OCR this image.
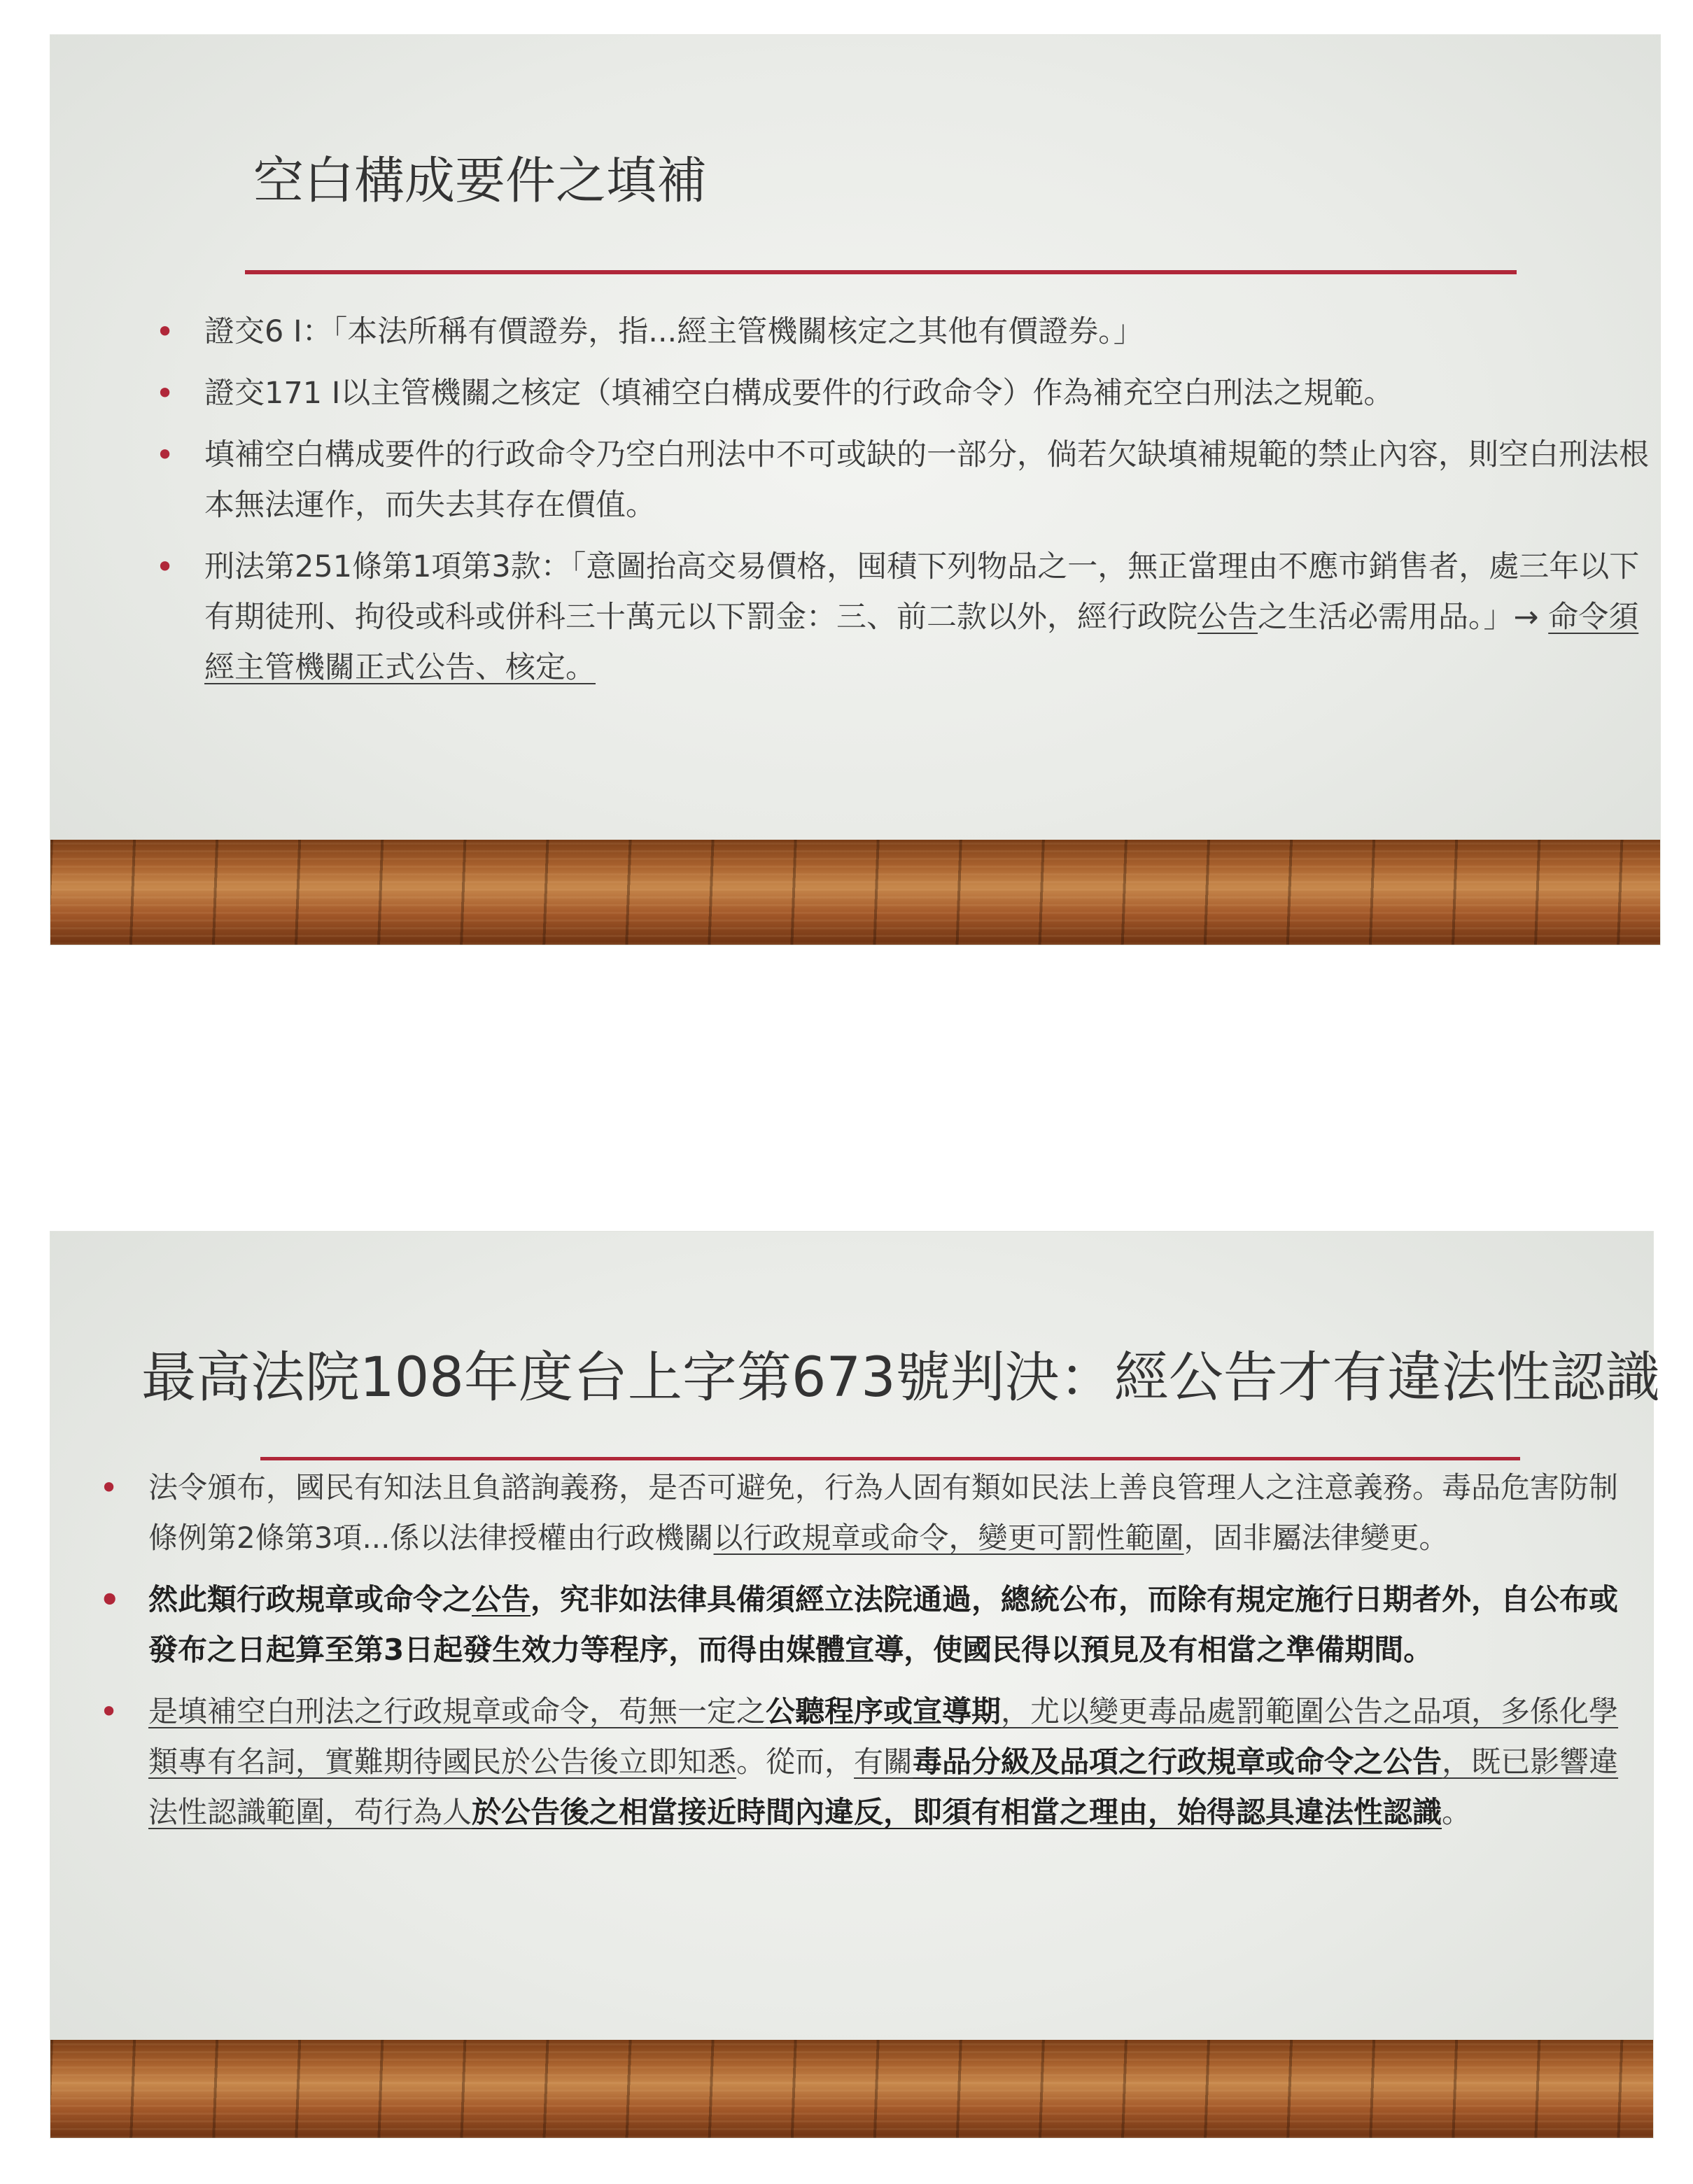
空白構成要件之填補
• 證交6 I：「本法所稱有價證券，指...經主管機關核定之其他有價證券。」
• 證交171 I以主管機關之核定（填補空白構成要件的行政命令）作為補充空白刑法之規範。
• 填補空白構成要件的行政命令乃空白刑法中不可或缺的一部分，倘若欠缺填補規範的禁止內容，則空白刑法根本無法運作，而失去其存在價值。
• 刑法第251條第1項第3款：「意圖抬高交易價格，囤積下列物品之一，無正當理由不應市銷售者，處三年以下有期徒刑、拘役或科或併科三十萬元以下罰金：三、前二款以外，經行政院公告之生活必需用品。」→ 命令須經主管機關正式公告、核定。
最高法院108年度台上字第673號判決：經公告才有違法性認識
• 法令頒布，國民有知法且負諮詢義務，是否可避免，行為人固有類如民法上善良管理人之注意義務。毒品危害防制條例第2條第3項...係以法律授權由行政機關以行政規章或命令，變更可罰性範圍，固非屬法律變更。
• 然此類行政規章或命令之公告，究非如法律具備須經立法院通過，總統公布，而除有規定施行日期者外，自公布或發布之日起算至第3日起發生效力等程序，而得由媒體宣導，使國民得以預見及有相當之準備期間。
• 是填補空白刑法之行政規章或命令，苟無一定之公聽程序或宣導期，尤以變更毒品處罰範圍公告之品項，多係化學類專有名詞，實難期待國民於公告後立即知悉。從而，有關毒品分級及品項之行政規章或命令之公告，既已影響違法性認識範圍，苟行為人於公告後之相當接近時間內違反，即須有相當之理由，始得認具違法性認識。
